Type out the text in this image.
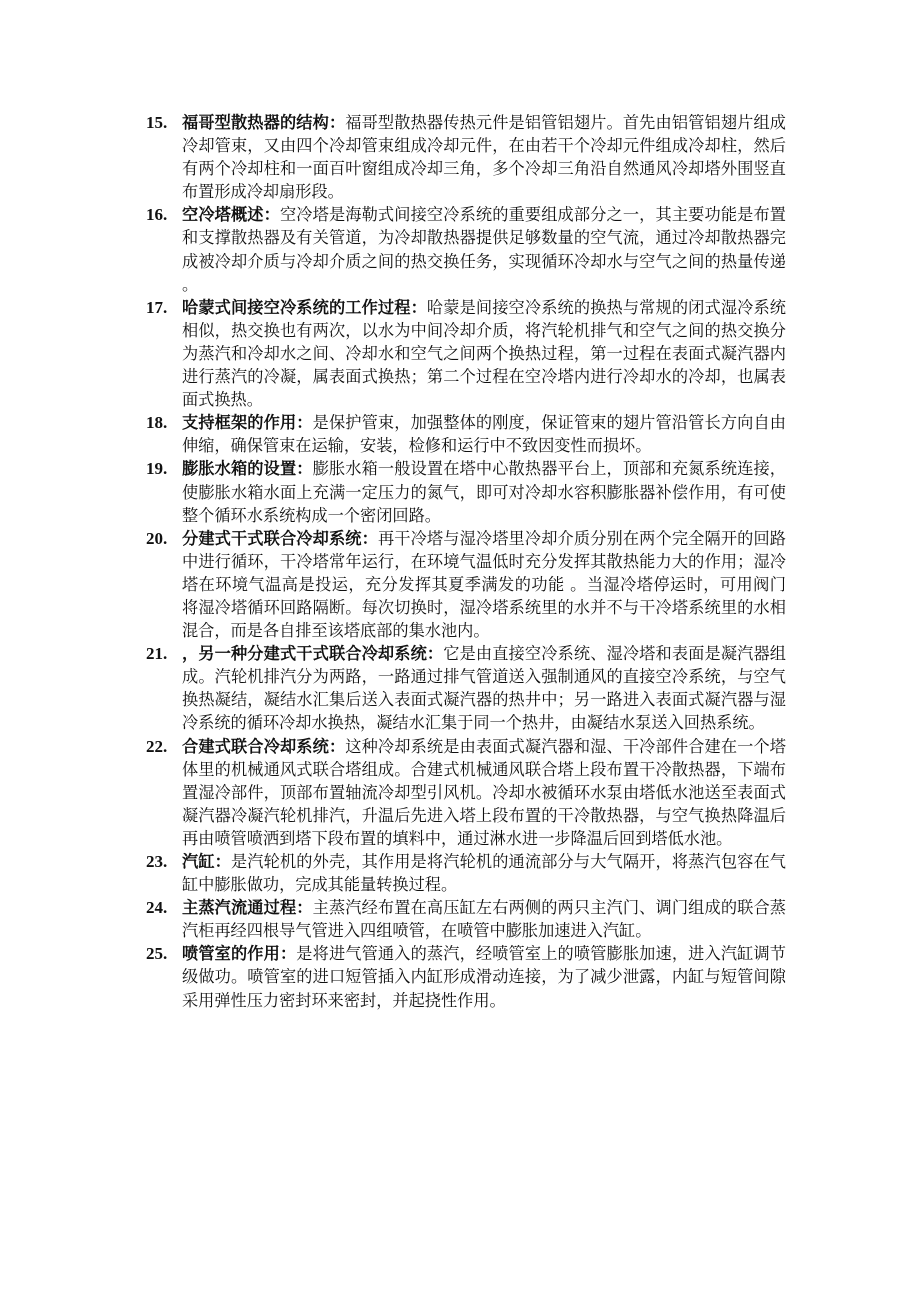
15. 福哥型散热器的结构：福哥型散热器传热元件是铝管铝翅片。首先由铝管铝翅片组成冷却管束，又由四个冷却管束组成冷却元件，在由若干个冷却元件组成冷却柱，然后有两个冷却柱和一面百叶窗组成冷却三角，多个冷却三角沿自然通风冷却塔外围竖直布置形成冷却扇形段。

16. 空冷塔概述：空冷塔是海勒式间接空冷系统的重要组成部分之一，其主要功能是布置和支撑散热器及有关管道，为冷却散热器提供足够数量的空气流，通过冷却散热器完成被冷却介质与冷却介质之间的热交换任务，实现循环冷却水与空气之间的热量传递 。

17. 哈蒙式间接空冷系统的工作过程：哈蒙是间接空冷系统的换热与常规的闭式湿冷系统相似，热交换也有两次，以水为中间冷却介质，将汽轮机排气和空气之间的热交换分为蒸汽和冷却水之间、冷却水和空气之间两个换热过程，第一过程在表面式凝汽器内进行蒸汽的冷凝，属表面式换热；第二个过程在空冷塔内进行冷却水的冷却，也属表面式换热。

18. 支持框架的作用：是保护管束，加强整体的刚度，保证管束的翅片管沿管长方向自由伸缩，确保管束在运输，安装，检修和运行中不致因变性而损坏。

19. 膨胀水箱的设置：膨胀水箱一般设置在塔中心散热器平台上，顶部和充氮系统连接，使膨胀水箱水面上充满一定压力的氮气，即可对冷却水容积膨胀器补偿作用，有可使整个循环水系统构成一个密闭回路。

20. 分建式干式联合冷却系统：再干冷塔与湿冷塔里冷却介质分别在两个完全隔开的回路中进行循环，干冷塔常年运行，在环境气温低时充分发挥其散热能力大的作用；湿冷塔在环境气温高是投运，充分发挥其夏季满发的功能 。当湿冷塔停运时，可用阀门将湿冷塔循环回路隔断。每次切换时，湿冷塔系统里的水并不与干冷塔系统里的水相混合，而是各自排至该塔底部的集水池内。

21. ，另一种分建式干式联合冷却系统：它是由直接空冷系统、湿冷塔和表面是凝汽器组成。汽轮机排汽分为两路，一路通过排气管道送入强制通风的直接空冷系统，与空气换热凝结，凝结水汇集后送入表面式凝汽器的热井中；另一路进入表面式凝汽器与湿冷系统的循环冷却水换热，凝结水汇集于同一个热井，由凝结水泵送入回热系统。

22. 合建式联合冷却系统：这种冷却系统是由表面式凝汽器和湿、干冷部件合建在一个塔体里的机械通风式联合塔组成。合建式机械通风联合塔上段布置干冷散热器，下端布置湿冷部件，顶部布置轴流冷却型引风机。冷却水被循环水泵由塔低水池送至表面式凝汽器冷凝汽轮机排汽，升温后先进入塔上段布置的干冷散热器，与空气换热降温后再由喷管喷洒到塔下段布置的填料中，通过淋水进一步降温后回到塔低水池。

23. 汽缸：是汽轮机的外壳，其作用是将汽轮机的通流部分与大气隔开，将蒸汽包容在气缸中膨胀做功，完成其能量转换过程。

24. 主蒸汽流通过程：主蒸汽经布置在高压缸左右两侧的两只主汽门、调门组成的联合蒸汽柜再经四根导气管进入四组喷管，在喷管中膨胀加速进入汽缸。

25. 喷管室的作用：是将进气管通入的蒸汽，经喷管室上的喷管膨胀加速，进入汽缸调节级做功。喷管室的进口短管插入内缸形成滑动连接，为了减少泄露，内缸与短管间隙采用弹性压力密封环来密封，并起挠性作用。
